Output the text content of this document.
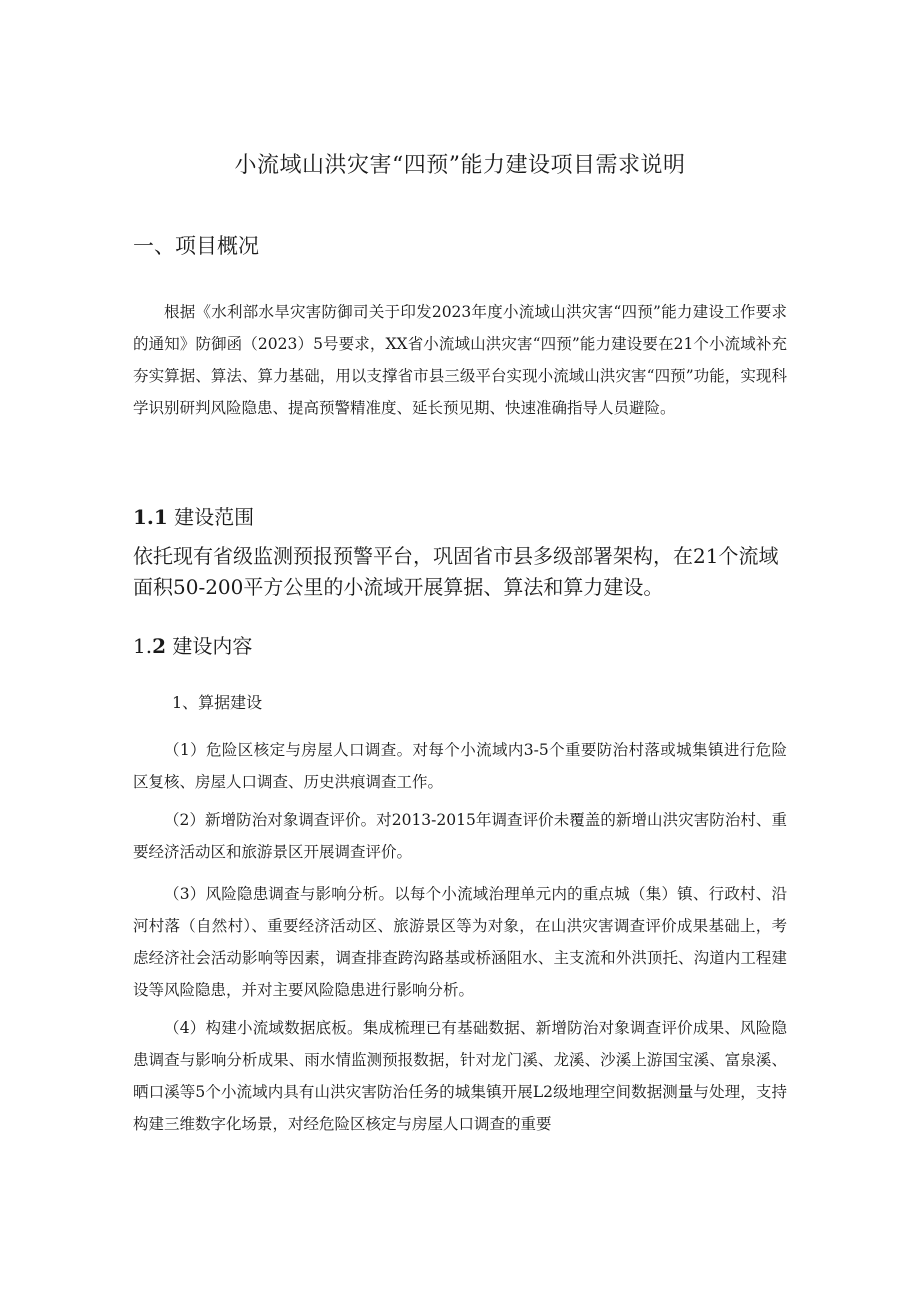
小流域山洪灾害“四预”能力建设项目需求说明
一、项目概况

根据《水利部水旱灾害防御司关于印发2023年度小流域山洪灾害“四预”能力建设工作要求的通知》防御函（2023）5号要求，XX省小流域山洪灾害“四预”能力建设要在21个小流域补充夯实算据、算法、算力基础，用以支撑省市县三级平台实现小流域山洪灾害“四预”功能，实现科学识别研判风险隐患、提高预警精准度、延长预见期、快速准确指导人员避险。

1.1 建设范围

依托现有省级监测预报预警平台，巩固省市县多级部署架构，在21个流域面积50-200平方公里的小流域开展算据、算法和算力建设。

1.2 建设内容
1、算据建设

（1）危险区核定与房屋人口调查。对每个小流域内3-5个重要防治村落或城集镇进行危险区复核、房屋人口调查、历史洪痕调查工作。

（2）新增防治对象调查评价。对2013-2015年调查评价未覆盖的新增山洪灾害防治村、重要经济活动区和旅游景区开展调查评价。

（3）风险隐患调查与影响分析。以每个小流域治理单元内的重点城（集）镇、行政村、沿河村落（自然村）、重要经济活动区、旅游景区等为对象，在山洪灾害调查评价成果基础上，考虑经济社会活动影响等因素，调查排查跨沟路基或桥涵阻水、主支流和外洪顶托、沟道内工程建设等风险隐患，并对主要风险隐患进行影响分析。

（4）构建小流域数据底板。集成梳理已有基础数据、新增防治对象调查评价成果、风险隐患调查与影响分析成果、雨水情监测预报数据，针对龙门溪、龙溪、沙溪上游国宝溪、富泉溪、晒口溪等5个小流域内具有山洪灾害防治任务的城集镇开展L2级地理空间数据测量与处理，支持构建三维数字化场景，对经危险区核定与房屋人口调查的重要
